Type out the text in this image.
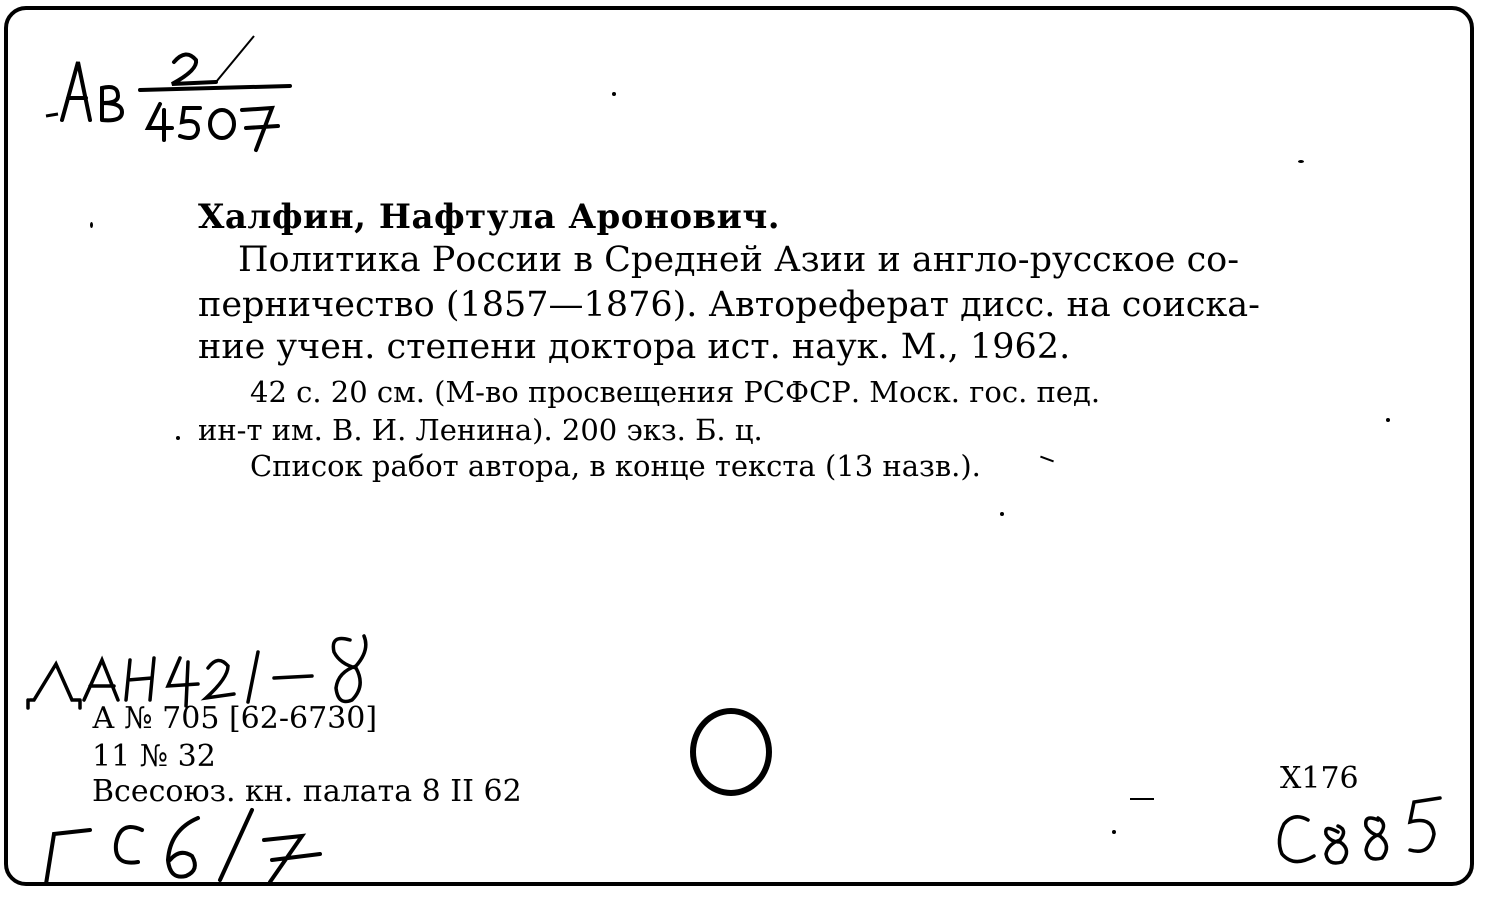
Халфин, Нафтула Аронович.
Политика России в Средней Азии и англо-русское со-
перничество (1857—1876). Автореферат дисс. на соиска-
ние учен. степени доктора ист. наук. М., 1962.
42 с. 20 см. (М-во просвещения РСФСР. Моск. гос. пед.
ин-т им. В. И. Ленина). 200 экз. Б. ц.
Список работ автора, в конце текста (13 назв.).
А № 705 [62-6730]
11 № 32
Всесоюз. кн. палата 8 II 62	Х176
